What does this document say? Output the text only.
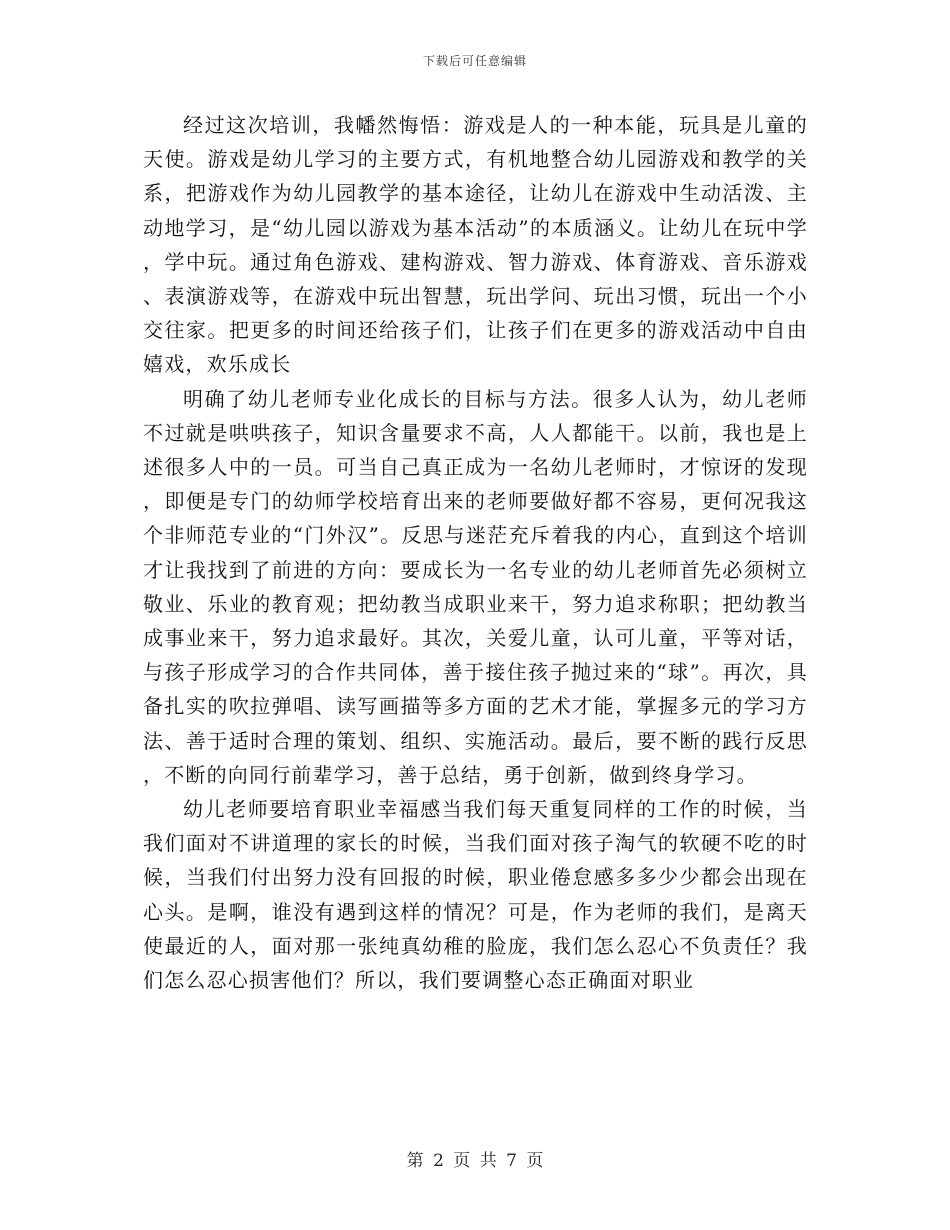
下载后可任意编辑

经过这次培训，我幡然悔悟：游戏是人的一种本能，玩具是儿童的天使。游戏是幼儿学习的主要方式，有机地整合幼儿园游戏和教学的关系，把游戏作为幼儿园教学的基本途径，让幼儿在游戏中生动活泼、主动地学习，是“幼儿园以游戏为基本活动”的本质涵义。让幼儿在玩中学，学中玩。通过角色游戏、建构游戏、智力游戏、体育游戏、音乐游戏、表演游戏等，在游戏中玩出智慧，玩出学问、玩出习惯，玩出一个小交往家。把更多的时间还给孩子们，让孩子们在更多的游戏活动中自由嬉戏，欢乐成长

明确了幼儿老师专业化成长的目标与方法。很多人认为，幼儿老师不过就是哄哄孩子，知识含量要求不高，人人都能干。以前，我也是上述很多人中的一员。可当自己真正成为一名幼儿老师时，才惊讶的发现，即便是专门的幼师学校培育出来的老师要做好都不容易，更何况我这个非师范专业的“门外汉”。反思与迷茫充斥着我的内心，直到这个培训才让我找到了前进的方向：要成长为一名专业的幼儿老师首先必须树立敬业、乐业的教育观；把幼教当成职业来干，努力追求称职；把幼教当成事业来干，努力追求最好。其次，关爱儿童，认可儿童，平等对话，与孩子形成学习的合作共同体，善于接住孩子抛过来的“球”。再次，具备扎实的吹拉弹唱、读写画描等多方面的艺术才能，掌握多元的学习方法、善于适时合理的策划、组织、实施活动。最后，要不断的践行反思，不断的向同行前辈学习，善于总结，勇于创新，做到终身学习。

幼儿老师要培育职业幸福感当我们每天重复同样的工作的时候，当我们面对不讲道理的家长的时候，当我们面对孩子淘气的软硬不吃的时候，当我们付出努力没有回报的时候，职业倦怠感多多少少都会出现在心头。是啊，谁没有遇到这样的情况？可是，作为老师的我们，是离天使最近的人，面对那一张纯真幼稚的脸庞，我们怎么忍心不负责任？我们怎么忍心损害他们？所以，我们要调整心态正确面对职业

第 2 页 共 7 页
